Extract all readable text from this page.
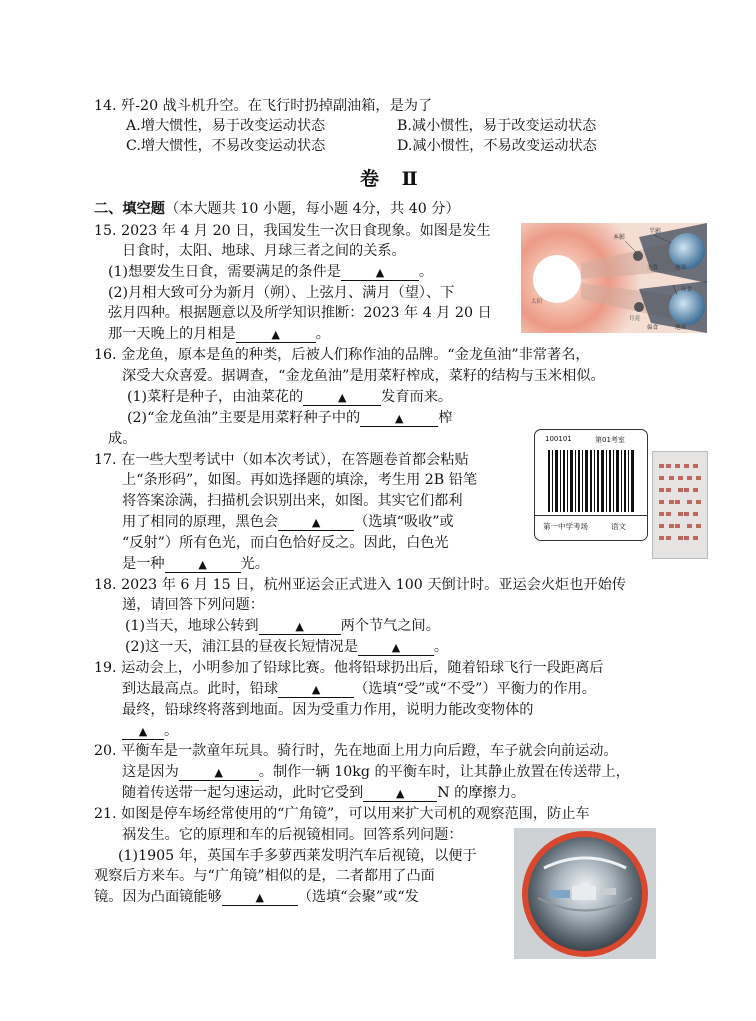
14. 歼-20 战斗机升空。在飞行时扔掉副油箱，是为了
A.增大惯性，易于改变运动状态	B.减小惯性，易于改变运动状态
C.增大惯性，不易改变运动状态	D.减小惯性，不易改变运动状态
卷 Ⅱ
二、填空题（本大题共 10 小题，每小题 4分，共 40 分）
15. 2023 年 4 月 20 日，我国发生一次日食现象。如图是发生
日食时，太阳、地球、月球三者之间的关系。
(1)想要发生日食，需要满足的条件是	▲ 。
(2)月相大致可分为新月（朔）、上弦月、满月（望）、下
弦月四种。根据题意以及所学知识推断：2023 年 4 月 20 日
那一天晚上的月相是	▲	。
本影
半影
全食	地球
太阳
月亮
环食
偏食	地球
16. 金龙鱼，原本是鱼的种类，后被人们称作油的品牌。“金龙鱼油”非常著名，
深受大众喜爱。据调查，“金龙鱼油”是用菜籽榨成，菜籽的结构与玉米相似。
(1)菜籽是种子，由油菜花的	▲ 发育而来。
(2)“金龙鱼油”主要是用菜籽种子中的	▲ 榨
成。
17. 在一些大型考试中（如本次考试），在答题卷首都会粘贴
上“条形码”，如图。再如选择题的填涂，考生用 2B 铅笔
将答案涂满，扫描机会识别出来，如图。其实它们都利
用了相同的原理，黑色会	▲ （选填“吸收”或
“反射”）所有色光，而白色恰好反之。因此，白色光
是一种	▲ 光。
100101	第01考室
第一中学考场	语文
18. 2023 年 6 月 15 日，杭州亚运会正式进入 100 天倒计时。亚运会火炬也开始传
递，请回答下列问题：
(1)当天，地球公转到	▲	两个节气之间。
(2)这一天，浦江县的昼夜长短情况是	▲ 。
19. 运动会上，小明参加了铅球比赛。他将铅球扔出后，随着铅球飞行一段距离后
到达最高点。此时，铅球	▲ （选填“受”或“不受”）平衡力的作用。
最终，铅球终将落到地面。因为受重力作用，说明力能改变物体的
▲ 。
20. 平衡车是一款童年玩具。骑行时，先在地面上用力向后蹬，车子就会向前运动。
这是因为	▲	。制作一辆 10kg 的平衡车时，让其静止放置在传送带上，
随着传送带一起匀速运动，此时它受到	▲ N 的摩擦力。
21. 如图是停车场经常使用的“广角镜”，可以用来扩大司机的观察范围，防止车
祸发生。它的原理和车的后视镜相同。回答系列问题：
(1)1905 年，英国车手多萝西莱发明汽车后视镜，以便于
观察后方来车。与“广角镜”相似的是，二者都用了凸面
镜。因为凸面镜能够	▲ （选填“会聚”或“发
